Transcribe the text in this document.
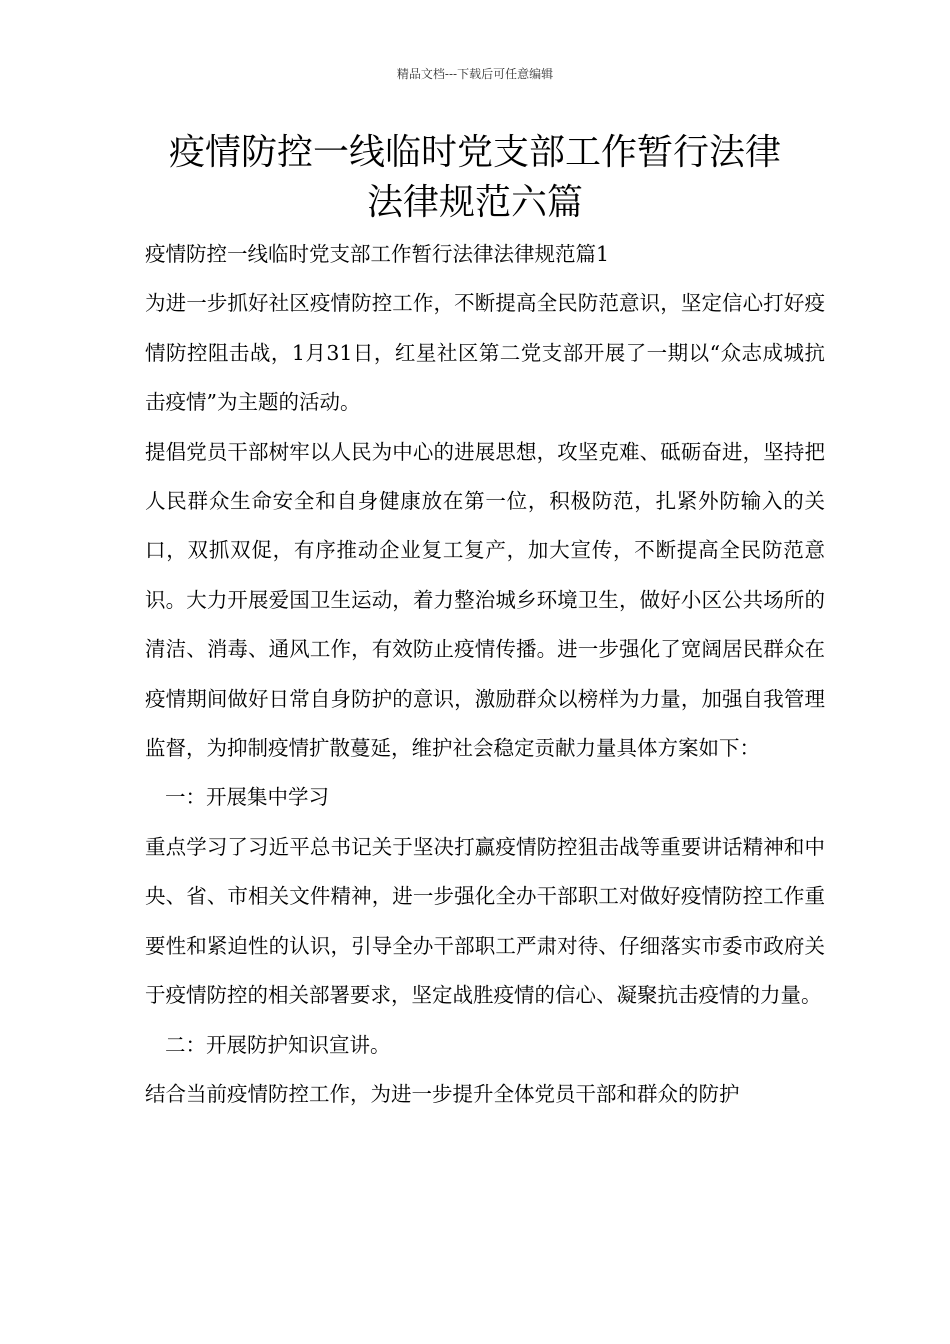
精品文档---下载后可任意编辑
疫情防控一线临时党支部工作暂行法律
法律规范六篇

疫情防控一线临时党支部工作暂行法律法律规范篇1

为进一步抓好社区疫情防控工作，不断提高全民防范意识，坚定信心打好疫情防控阻击战，1月31日，红星社区第二党支部开展了一期以“众志成城抗击疫情”为主题的活动。

提倡党员干部树牢以人民为中心的进展思想，攻坚克难、砥砺奋进，坚持把人民群众生命安全和自身健康放在第一位，积极防范，扎紧外防输入的关口，双抓双促，有序推动企业复工复产，加大宣传，不断提高全民防范意识。大力开展爱国卫生运动，着力整治城乡环境卫生，做好小区公共场所的清洁、消毒、通风工作，有效防止疫情传播。进一步强化了宽阔居民群众在疫情期间做好日常自身防护的意识，激励群众以榜样为力量，加强自我管理监督，为抑制疫情扩散蔓延，维护社会稳定贡献力量具体方案如下：

一：开展集中学习

重点学习了习近平总书记关于坚决打赢疫情防控狙击战等重要讲话精神和中央、省、市相关文件精神，进一步强化全办干部职工对做好疫情防控工作重要性和紧迫性的认识，引导全办干部职工严肃对待、仔细落实市委市政府关于疫情防控的相关部署要求，坚定战胜疫情的信心、凝聚抗击疫情的力量。

二：开展防护知识宣讲。

结合当前疫情防控工作，为进一步提升全体党员干部和群众的防护
